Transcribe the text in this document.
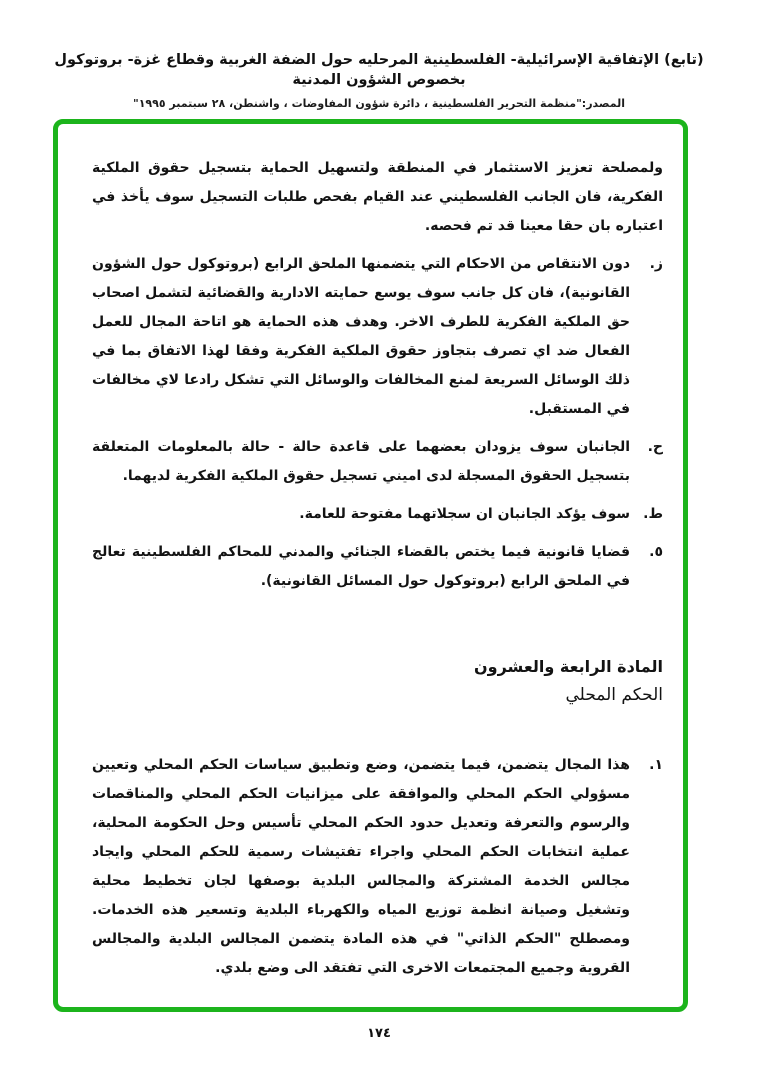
(تابع) الإتفاقية الإسرائيلية- الفلسطينية المرحليه حول الضفة الغربية وقطاع غزة- بروتوكول بخصوص الشؤون المدنية
المصدر:"منظمة التحرير الفلسطينية ، دائرة شؤون المفاوضات ، واشنطن، ٢٨ سبتمبر ١٩٩٥"

ولمصلحة تعزيز الاستثمار في المنطقة ولتسهيل الحماية بتسجيل حقوق الملكية الفكرية، فان الجانب الفلسطيني عند القيام بفحص طلبات التسجيل سوف يأخذ في اعتباره بان حقا معينا قد تم فحصه.

ز.
دون الانتقاص من الاحكام التي يتضمنها الملحق الرابع (بروتوكول حول الشؤون القانونية)، فان كل جانب سوف يوسع حمايته الادارية والقضائية لتشمل اصحاب حق الملكية الفكرية للطرف الاخر. وهدف هذه الحماية هو اتاحة المجال للعمل الفعال ضد اي تصرف بتجاوز حقوق الملكية الفكرية وفقا لهذا الاتفاق بما في ذلك الوسائل السريعة لمنع المخالفات والوسائل التي تشكل رادعا لاي مخالفات في المستقبل.
ح.
الجانبان سوف يزودان بعضهما على قاعدة حالة - حالة بالمعلومات المتعلقة بتسجيل الحقوق المسجلة لدى اميني تسجيل حقوق الملكية الفكرية لديهما.
ط.
سوف يؤكد الجانبان ان سجلاتهما مفتوحة للعامة.
٥.
قضايا قانونية فيما يختص بالقضاء الجنائي والمدني للمحاكم الفلسطينية تعالج في الملحق الرابع (بروتوكول حول المسائل القانونية).
المادة الرابعة والعشرون
الحكم المحلي
١.
هذا المجال يتضمن، فيما يتضمن، وضع وتطبيق سياسات الحكم المحلي وتعيين مسؤولي الحكم المحلي والموافقة على ميزانيات الحكم المحلي والمناقصات والرسوم والتعرفة وتعديل حدود الحكم المحلي تأسيس وحل الحكومة المحلية، عملية انتخابات الحكم المحلي واجراء تفتيشات رسمية للحكم المحلي وايجاد مجالس الخدمة المشتركة والمجالس البلدية بوصفها لجان تخطيط محلية وتشغيل وصيانة انظمة توزيع المياه والكهرباء البلدية وتسعير هذه الخدمات. ومصطلح "الحكم الذاتي" في هذه المادة يتضمن المجالس البلدية والمجالس القروية وجميع المجتمعات الاخرى التي تفتقد الى وضع بلدي.
١٧٤
